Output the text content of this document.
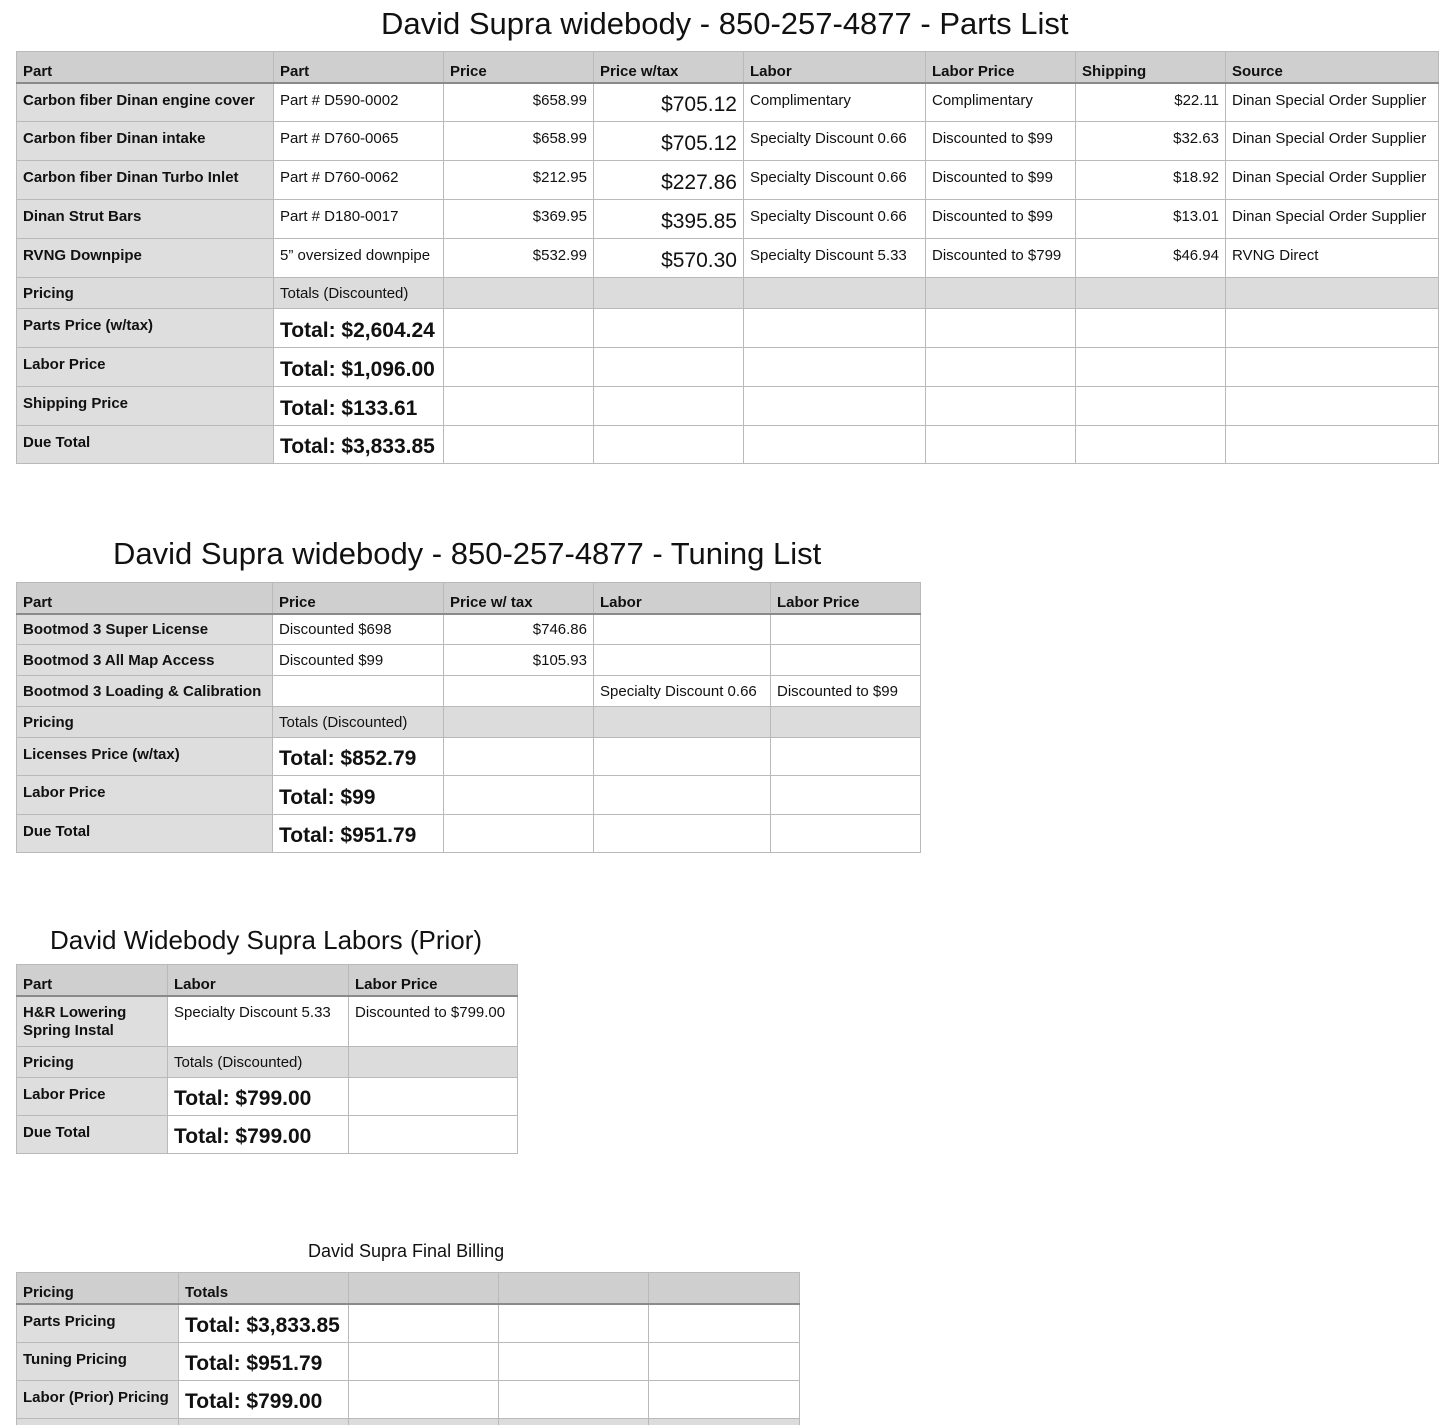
David Supra widebody - 850-257-4877 - Parts List
Part	Part	Price	Price w/tax	Labor	Labor Price	Shipping	Source
Carbon fiber Dinan engine cover	Part # D590-0002	$658.99	$705.12	Complimentary	Complimentary	$22.11	Dinan Special Order Supplier
Carbon fiber Dinan intake	Part # D760-0065	$658.99	$705.12	Specialty Discount 0.66	Discounted to $99	$32.63	Dinan Special Order Supplier
Carbon fiber Dinan Turbo Inlet	Part # D760-0062	$212.95	$227.86	Specialty Discount 0.66	Discounted to $99	$18.92	Dinan Special Order Supplier
Dinan Strut Bars	Part # D180-0017	$369.95	$395.85	Specialty Discount 0.66	Discounted to $99	$13.01	Dinan Special Order Supplier
RVNG Downpipe	5” oversized downpipe	$532.99	$570.30	Specialty Discount 5.33	Discounted to $799	$46.94	RVNG Direct
Pricing	Totals (Discounted)						
Parts Price (w/tax)	Total: $2,604.24						
Labor Price	Total: $1,096.00						
Shipping Price	Total: $133.61						
Due Total	Total: $3,833.85						
David Supra widebody - 850-257-4877 - Tuning List
Part	Price	Price w/ tax	Labor	Labor Price
Bootmod 3 Super License	Discounted $698	$746.86		
Bootmod 3 All Map Access	Discounted $99	$105.93		
Bootmod 3 Loading & Calibration			Specialty Discount 0.66	Discounted to $99
Pricing	Totals (Discounted)			
Licenses Price (w/tax)	Total: $852.79			
Labor Price	Total: $99			
Due Total	Total: $951.79			
David Widebody Supra Labors (Prior)
Part	Labor	Labor Price
H&R Lowering Spring Instal	Specialty Discount 5.33	Discounted to $799.00
Pricing	Totals (Discounted)	
Labor Price	Total: $799.00	
Due Total	Total: $799.00	
David Supra Final Billing
Pricing	Totals			
Parts Pricing	Total: $3,833.85			
Tuning Pricing	Total: $951.79			
Labor (Prior) Pricing	Total: $799.00			
